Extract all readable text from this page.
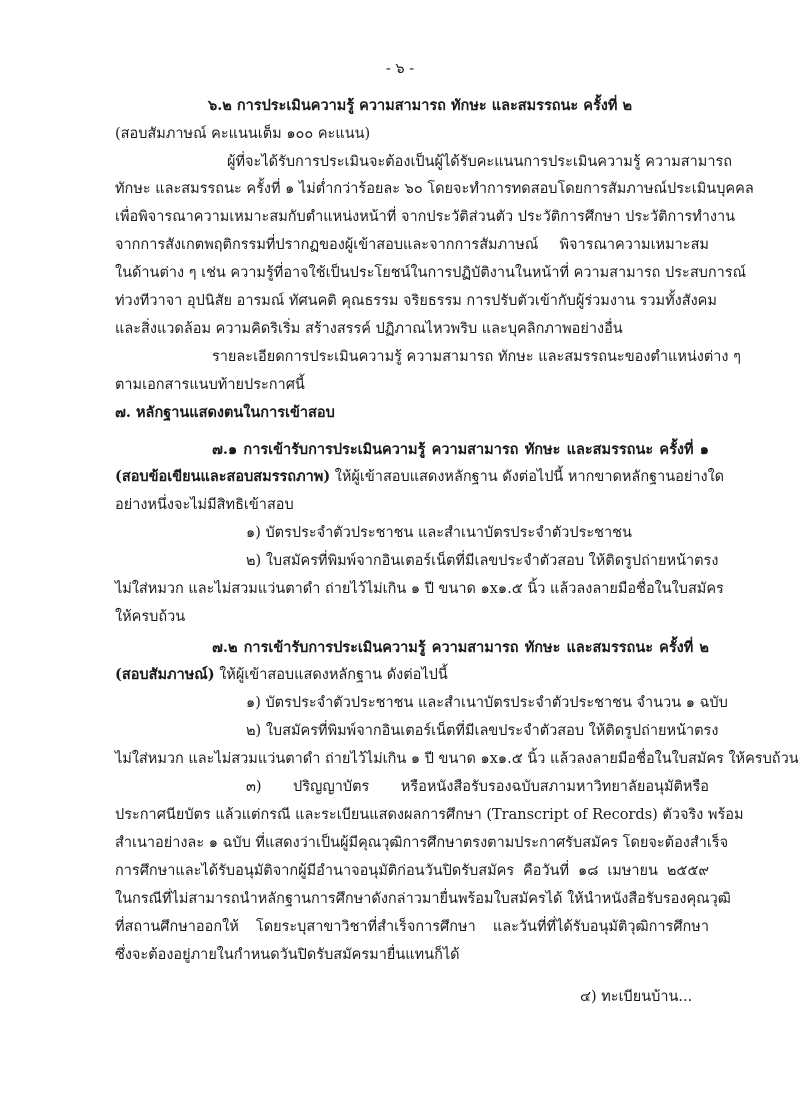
- ๖ -
๖.๒ การประเมินความรู้ ความสามารถ ทักษะ และสมรรถนะ ครั้งที่ ๒
(สอบสัมภาษณ์ คะแนนเต็ม ๑๐๐ คะแนน)
ผู้ที่จะได้รับการประเมินจะต้องเป็นผู้ได้รับคะแนนการประเมินความรู้ ความสามารถ
ทักษะ และสมรรถนะ ครั้งที่ ๑ ไม่ต่ำกว่าร้อยละ ๖๐ โดยจะทำการทดสอบโดยการสัมภาษณ์ประเมินบุคคล
เพื่อพิจารณาความเหมาะสมกับตำแหน่งหน้าที่ จากประวัติส่วนตัว ประวัติการศึกษา ประวัติการทำงาน
จากการสังเกตพฤติกรรมที่ปรากฏของผู้เข้าสอบและจากการสัมภาษณ์ พิจารณาความเหมาะสม
ในด้านต่าง ๆ เช่น ความรู้ที่อาจใช้เป็นประโยชน์ในการปฏิบัติงานในหน้าที่ ความสามารถ ประสบการณ์
ท่วงทีวาจา อุปนิสัย อารมณ์ ทัศนคติ คุณธรรม จริยธรรม การปรับตัวเข้ากับผู้ร่วมงาน รวมทั้งสังคม
และสิ่งแวดล้อม ความคิดริเริ่ม สร้างสรรค์ ปฏิภาณไหวพริบ และบุคลิกภาพอย่างอื่น
รายละเอียดการประเมินความรู้ ความสามารถ ทักษะ และสมรรถนะของตำแหน่งต่าง ๆ
ตามเอกสารแนบท้ายประกาศนี้
๗. หลักฐานแสดงตนในการเข้าสอบ
๗.๑ การเข้ารับการประเมินความรู้ ความสามารถ ทักษะ และสมรรถนะ ครั้งที่ ๑
(สอบข้อเขียนและสอบสมรรถภาพ) ให้ผู้เข้าสอบแสดงหลักฐาน ดังต่อไปนี้ หากขาดหลักฐานอย่างใด
อย่างหนึ่งจะไม่มีสิทธิเข้าสอบ
๑) บัตรประจำตัวประชาชน และสำเนาบัตรประจำตัวประชาชน
๒) ใบสมัครที่พิมพ์จากอินเตอร์เน็ตที่มีเลขประจำตัวสอบ ให้ติดรูปถ่ายหน้าตรง
ไม่ใส่หมวก และไม่สวมแว่นตาดำ ถ่ายไว้ไม่เกิน ๑ ปี ขนาด ๑x๑.๕ นิ้ว แล้วลงลายมือชื่อในใบสมัคร
ให้ครบถ้วน
๗.๒ การเข้ารับการประเมินความรู้ ความสามารถ ทักษะ และสมรรถนะ ครั้งที่ ๒
(สอบสัมภาษณ์) ให้ผู้เข้าสอบแสดงหลักฐาน ดังต่อไปนี้
๑) บัตรประจำตัวประชาชน และสำเนาบัตรประจำตัวประชาชน จำนวน ๑ ฉบับ
๒) ใบสมัครที่พิมพ์จากอินเตอร์เน็ตที่มีเลขประจำตัวสอบ ให้ติดรูปถ่ายหน้าตรง
ไม่ใส่หมวก และไม่สวมแว่นตาดำ ถ่ายไว้ไม่เกิน ๑ ปี ขนาด ๑x๑.๕ นิ้ว แล้วลงลายมือชื่อในใบสมัคร ให้ครบถ้วน
๓) ปริญญาบัตร หรือหนังสือรับรองฉบับสภามหาวิทยาลัยอนุมัติหรือ
ประกาศนียบัตร แล้วแต่กรณี และระเบียนแสดงผลการศึกษา (Transcript of Records) ตัวจริง พร้อม
สำเนาอย่างละ ๑ ฉบับ ที่แสดงว่าเป็นผู้มีคุณวุฒิการศึกษาตรงตามประกาศรับสมัคร โดยจะต้องสำเร็จ
การศึกษาและได้รับอนุมัติจากผู้มีอำนาจอนุมัติก่อนวันปิดรับสมัคร คือวันที่ ๑๘ เมษายน ๒๕๕๙
ในกรณีที่ไม่สามารถนำหลักฐานการศึกษาดังกล่าวมายื่นพร้อมใบสมัครได้ ให้นำหนังสือรับรองคุณวุฒิ
ที่สถานศึกษาออกให้ โดยระบุสาขาวิชาที่สำเร็จการศึกษา และวันที่ที่ได้รับอนุมัติวุฒิการศึกษา
ซึ่งจะต้องอยู่ภายในกำหนดวันปิดรับสมัครมายื่นแทนก็ได้
๔) ทะเบียนบ้าน...
